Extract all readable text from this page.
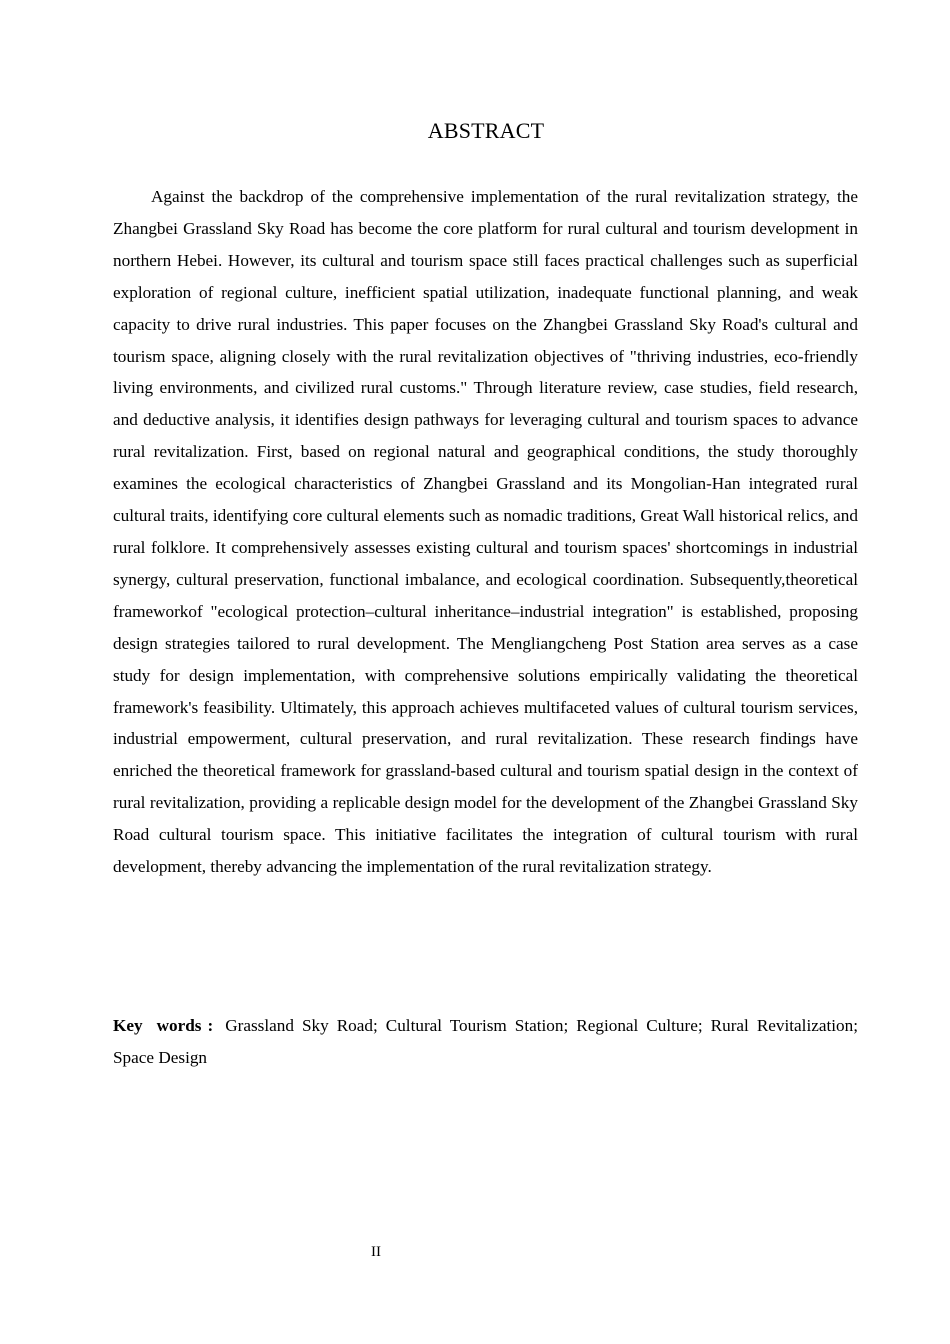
ABSTRACT

Against the backdrop of the comprehensive implementation of the rural revitalization strategy, the Zhangbei Grassland Sky Road has become the core platform for rural cultural and tourism development in northern Hebei. However, its cultural and tourism space still faces practical challenges such as superficial exploration of regional culture, inefficient spatial utilization, inadequate functional planning, and weak capacity to drive rural industries. This paper focuses on the Zhangbei Grassland Sky Road's cultural and tourism space, aligning closely with the rural revitalization objectives of "thriving industries, eco-friendly living environments, and civilized rural customs." Through literature review, case studies, field research, and deductive analysis, it identifies design pathways for leveraging cultural and tourism spaces to advance rural revitalization. First, based on regional natural and geographical conditions, the study thoroughly examines the ecological characteristics of Zhangbei Grassland and its Mongolian-Han integrated rural cultural traits, identifying core cultural elements such as nomadic traditions, Great Wall historical relics, and rural folklore. It comprehensively assesses existing cultural and tourism spaces' shortcomings in industrial synergy, cultural preservation, functional imbalance, and ecological coordination. Subsequently,theoretical frameworkof "ecological protection–cultural inheritance–industrial integration" is established, proposing design strategies tailored to rural development. The Mengliangcheng Post Station area serves as a case study for design implementation, with comprehensive solutions empirically validating the theoretical framework's feasibility. Ultimately, this approach achieves multifaceted values of cultural tourism services, industrial empowerment, cultural preservation, and rural revitalization. These research findings have enriched the theoretical framework for grassland-based cultural and tourism spatial design in the context of rural revitalization, providing a replicable design model for the development of the Zhangbei Grassland Sky Road cultural tourism space. This initiative facilitates the integration of cultural tourism with rural development, thereby advancing the implementation of the rural revitalization strategy.

Key words : Grassland Sky Road; Cultural Tourism Station; Regional Culture; Rural Revitalization; Space Design

II
